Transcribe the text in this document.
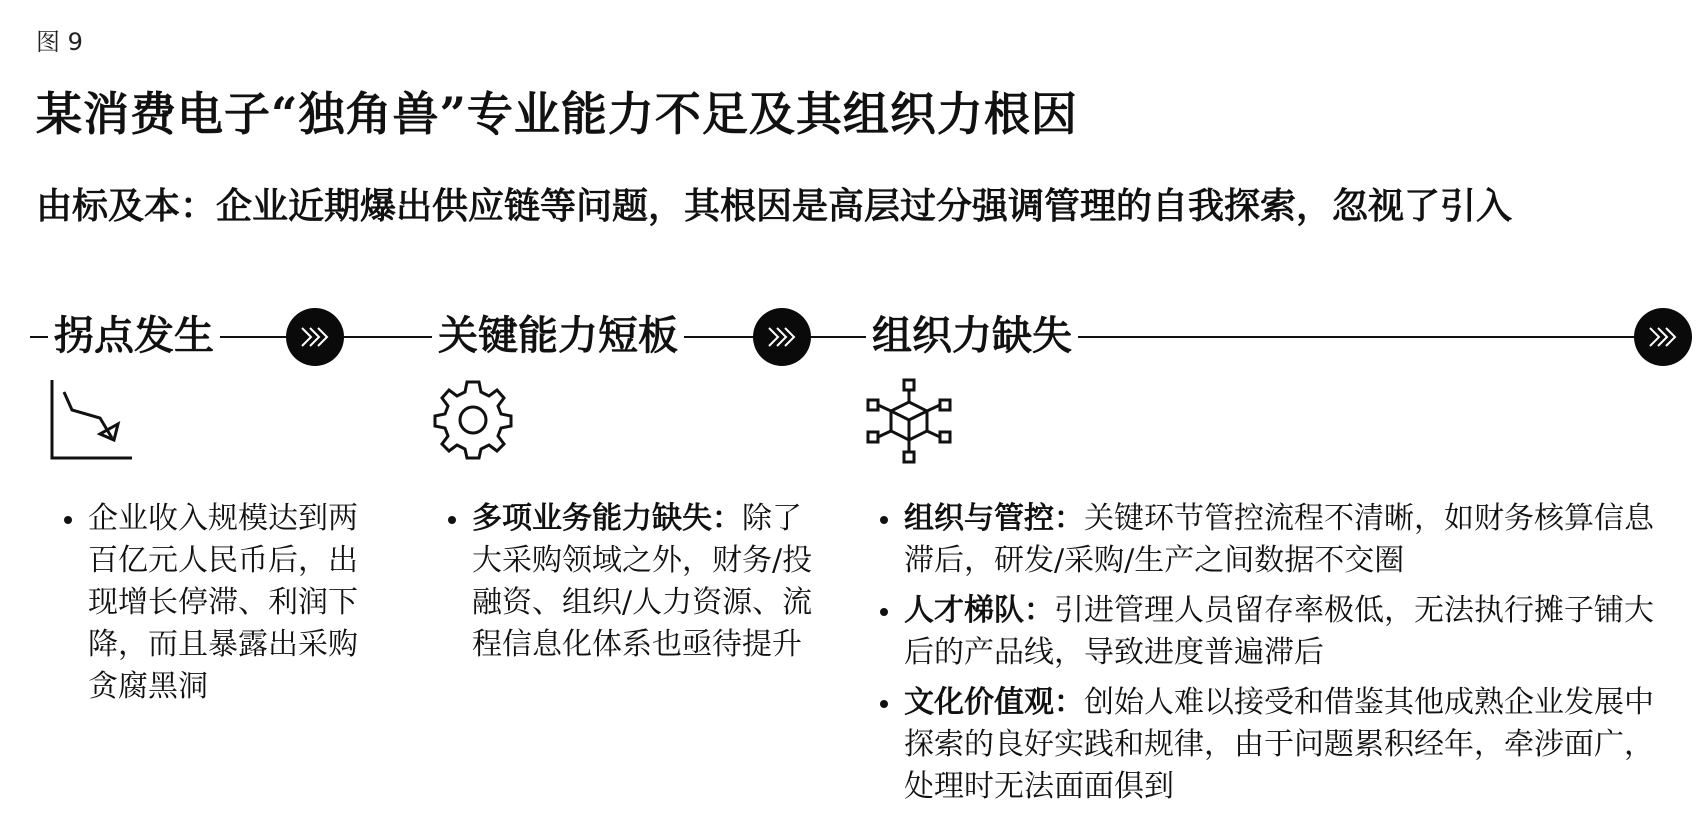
图 9
某消费电子“独角兽”专业能力不足及其组织力根因

由标及本：企业近期爆出供应链等问题，其根因是高层过分强调管理的自我探索，忽视了引入

拐点发生	关键能力短板	组织力缺失
企业收入规模达到两百亿元人民币后，出现增长停滞、利润下降，而且暴露出采购贪腐黑洞
多项业务能力缺失：除了大采购领域之外，财务/投融资、组织/人力资源、流程信息化体系也亟待提升
组织与管控：关键环节管控流程不清晰，如财务核算信息滞后，研发/采购/生产之间数据不交圈
人才梯队：引进管理人员留存率极低，无法执行摊子铺大后的产品线，导致进度普遍滞后
文化价值观：创始人难以接受和借鉴其他成熟企业发展中探索的良好实践和规律，由于问题累积经年，牵涉面广，处理时无法面面俱到
